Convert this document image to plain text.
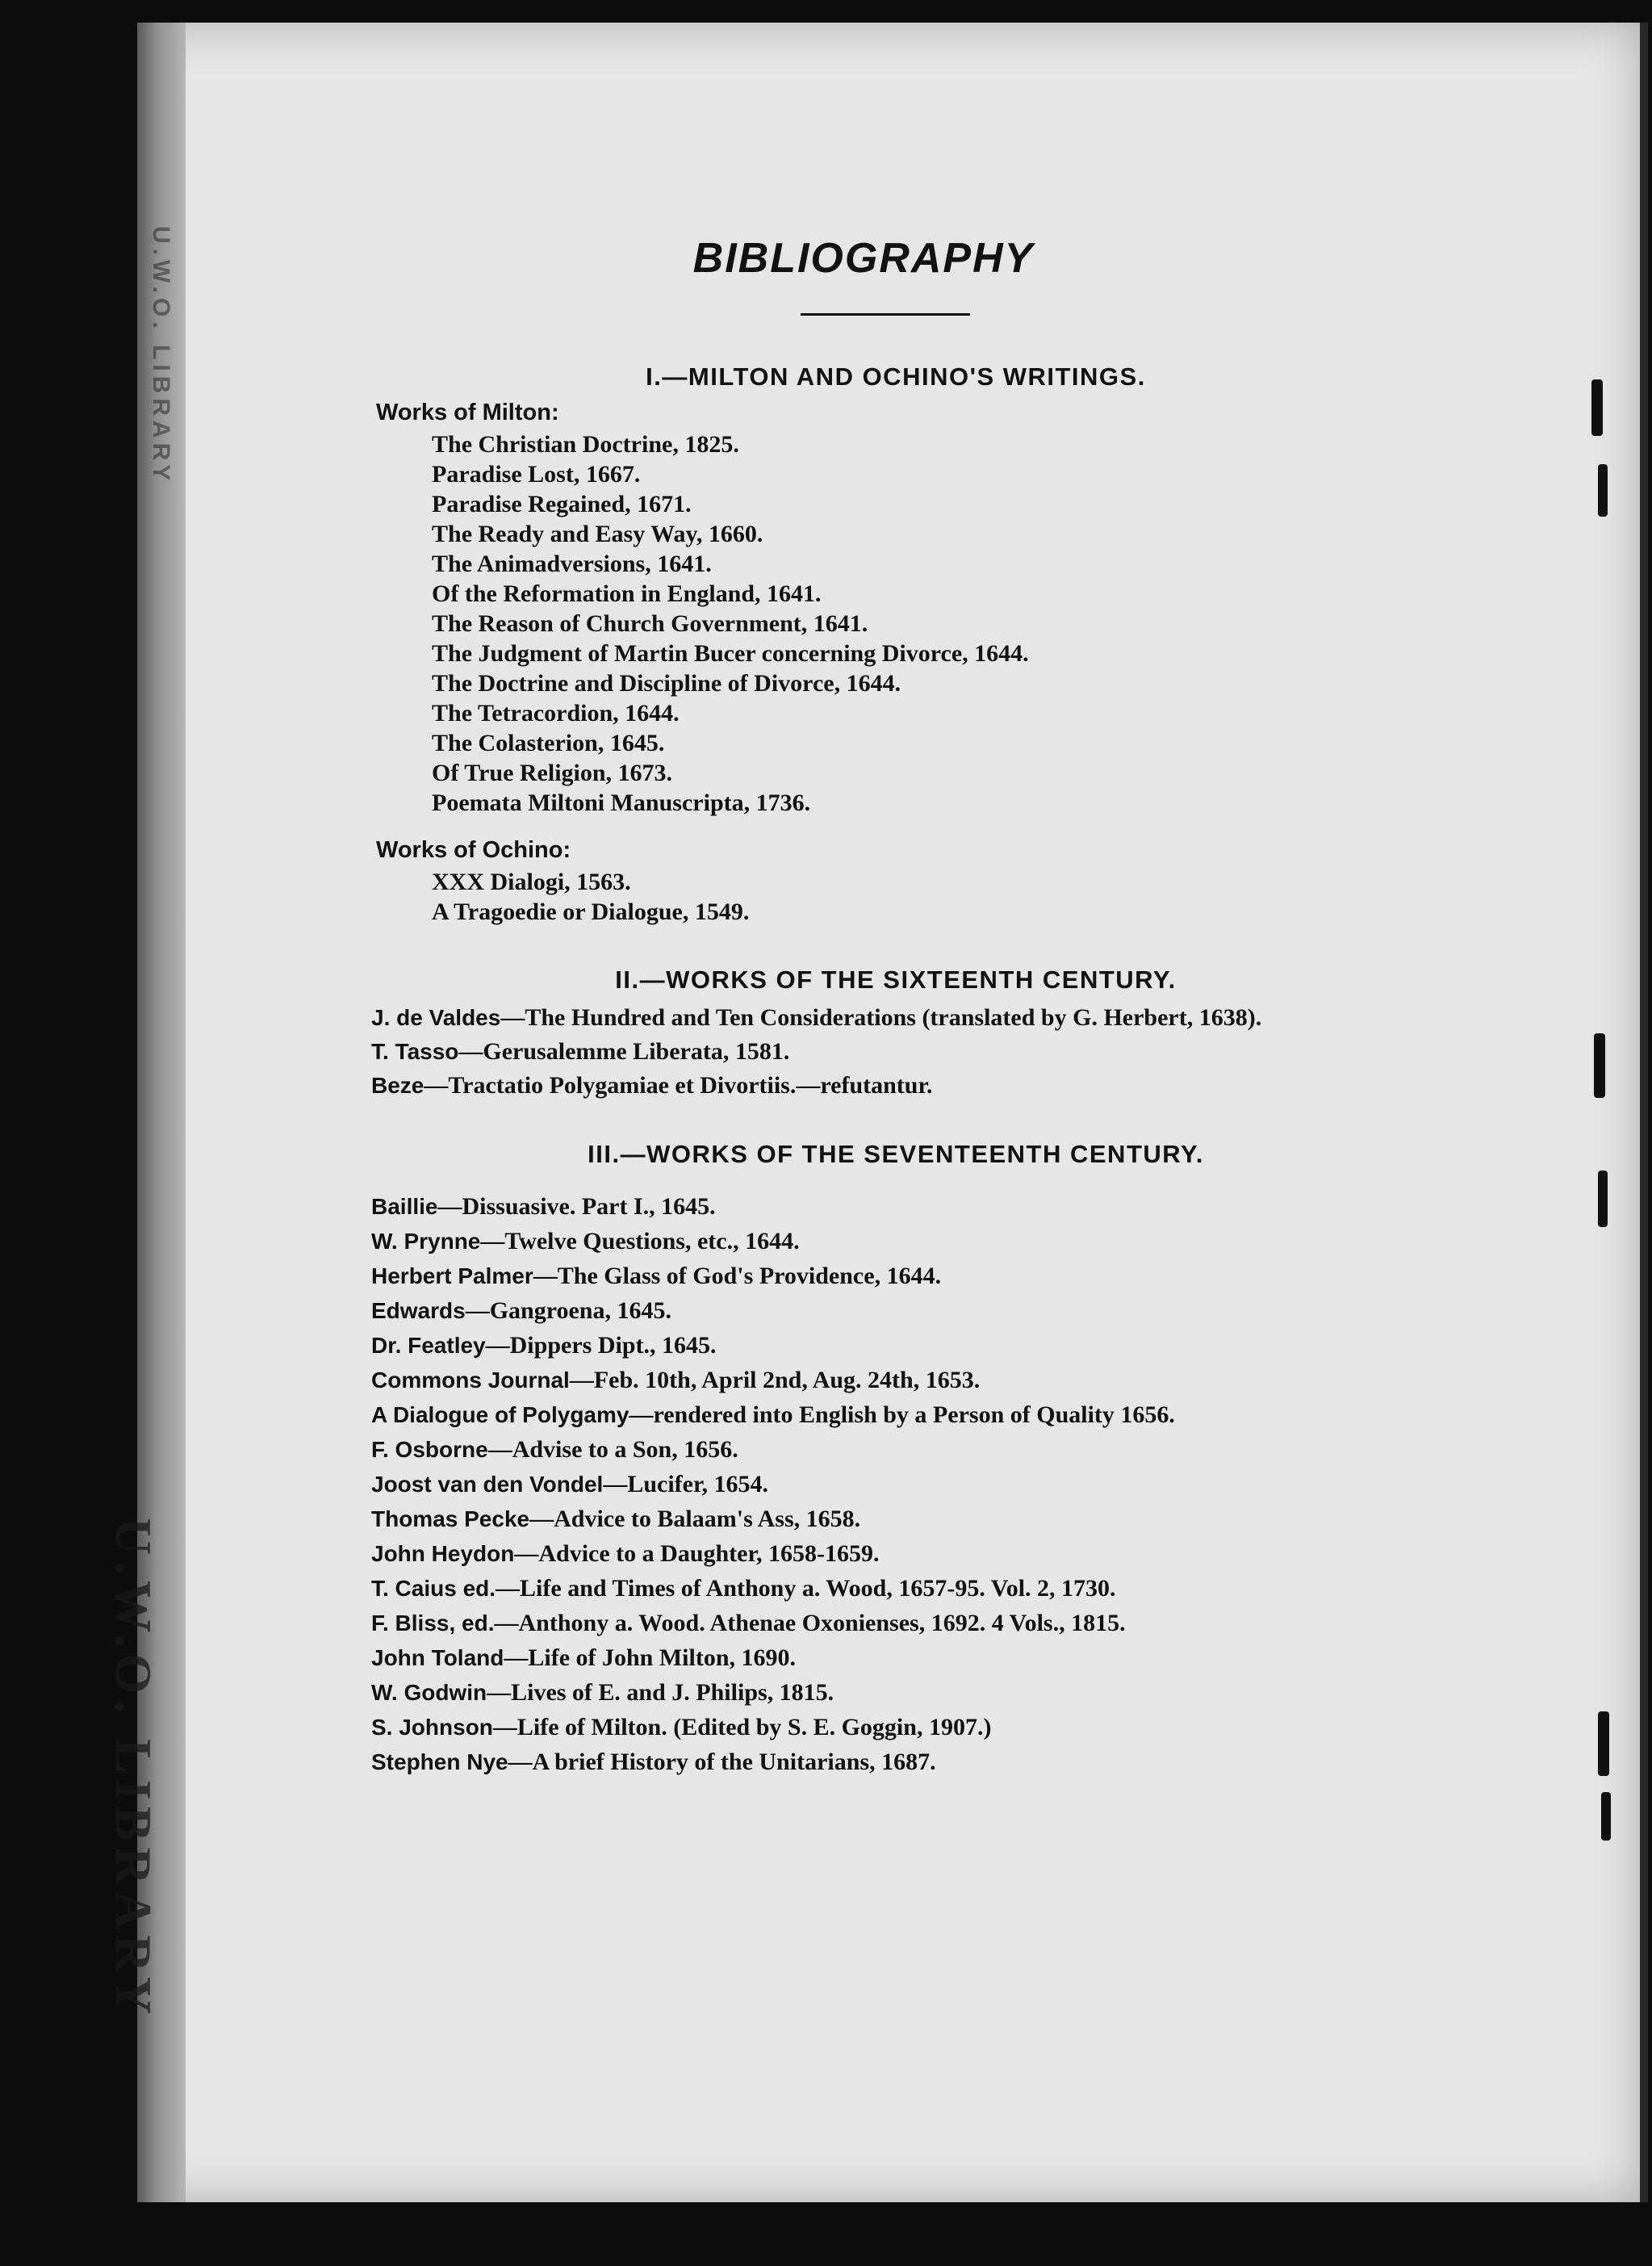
U.W.O. LIBRARY
U.W.O. LIBRARY
BIBLIOGRAPHY
I.—MILTON AND OCHINO'S WRITINGS.
Works of Milton:
The Christian Doctrine, 1825.
Paradise Lost, 1667.
Paradise Regained, 1671.
The Ready and Easy Way, 1660.
The Animadversions, 1641.
Of the Reformation in England, 1641.
The Reason of Church Government, 1641.
The Judgment of Martin Bucer concerning Divorce, 1644.
The Doctrine and Discipline of Divorce, 1644.
The Tetracordion, 1644.
The Colasterion, 1645.
Of True Religion, 1673.
Poemata Miltoni Manuscripta, 1736.
Works of Ochino:
XXX Dialogi, 1563.
A Tragoedie or Dialogue, 1549.
II.—WORKS OF THE SIXTEENTH CENTURY.
J. de Valdes—The Hundred and Ten Considerations (translated by G. Herbert, 1638).
T. Tasso—Gerusalemme Liberata, 1581.
Beze—Tractatio Polygamiae et Divortiis.—refutantur.
III.—WORKS OF THE SEVENTEENTH CENTURY.
Baillie—Dissuasive. Part I., 1645.
W. Prynne—Twelve Questions, etc., 1644.
Herbert Palmer—The Glass of God's Providence, 1644.
Edwards—Gangroena, 1645.
Dr. Featley—Dippers Dipt., 1645.
Commons Journal—Feb. 10th, April 2nd, Aug. 24th, 1653.
A Dialogue of Polygamy—rendered into English by a Person of Quality 1656.
F. Osborne—Advise to a Son, 1656.
Joost van den Vondel—Lucifer, 1654.
Thomas Pecke—Advice to Balaam's Ass, 1658.
John Heydon—Advice to a Daughter, 1658-1659.
T. Caius ed.—Life and Times of Anthony a. Wood, 1657-95. Vol. 2, 1730.
F. Bliss, ed.—Anthony a. Wood. Athenae Oxonienses, 1692. 4 Vols., 1815.
John Toland—Life of John Milton, 1690.
W. Godwin—Lives of E. and J. Philips, 1815.
S. Johnson—Life of Milton. (Edited by S. E. Goggin, 1907.)
Stephen Nye—A brief History of the Unitarians, 1687.
